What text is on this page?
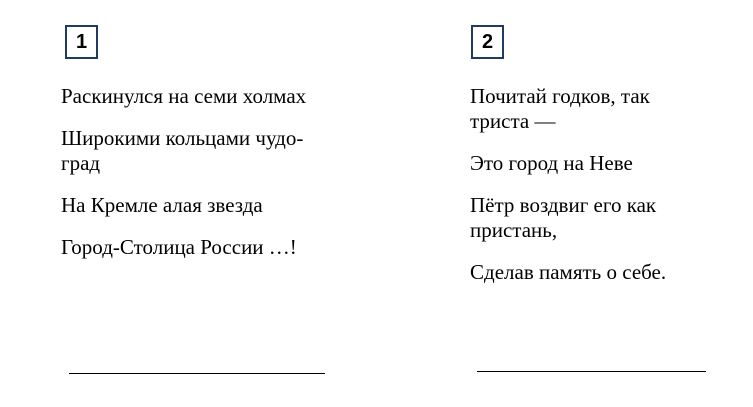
1
Раскинулся на семи холмах
Широкими кольцами чудо-
град
На Кремле алая звезда
Город-Столица России …!
2
Почитай годков, так
триста —
Это город на Неве
Пётр воздвиг его как
пристань,
Сделав память о себе.
